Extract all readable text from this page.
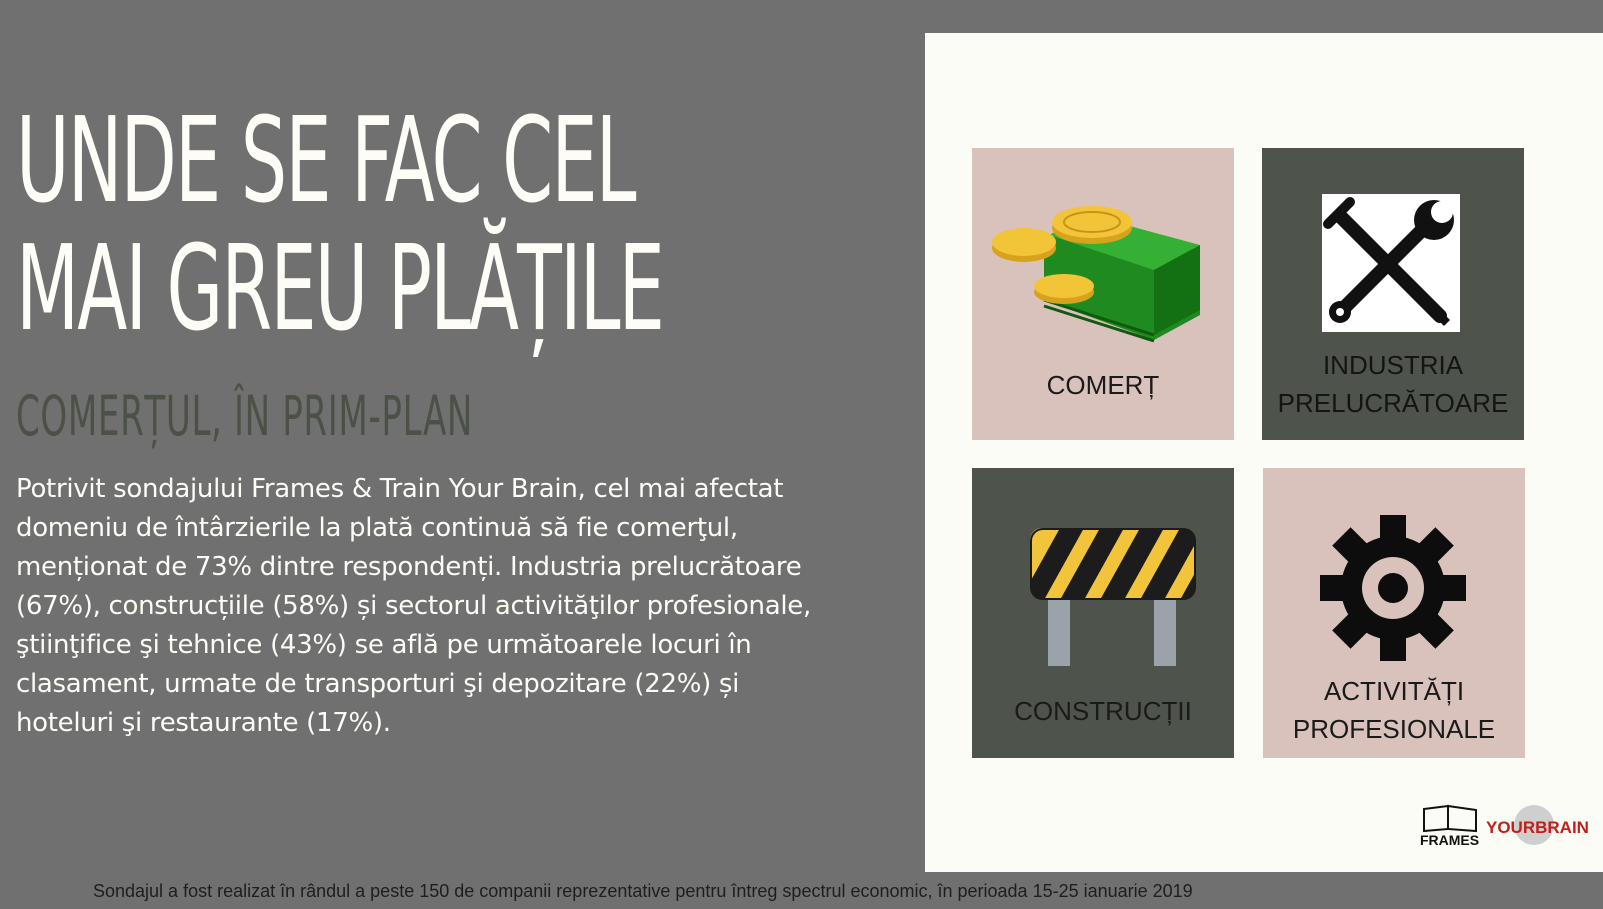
UNDE SE FAC CEL
MAI GREU PLĂȚILE
COMERȚUL, ÎN PRIM-PLAN

Potrivit sondajului Frames & Train Your Brain, cel mai afectat domeniu de întârzierile la plată continuă să fie comerţul, menționat de 73% dintre respondenți. Industria prelucrătoare (67%), construcțiile (58%) și sectorul activităţilor profesionale, ştiinţifice şi tehnice (43%) se află pe următoarele locuri în clasament, urmate de transporturi şi depozitare (22%) și hoteluri şi restaurante (17%).

COMERȚ
INDUSTRIA
PRELUCRĂTOARE
CONSTRUCȚII
ACTIVITĂȚI
PROFESIONALE
FRAMES
YOURBRAIN
Sondajul a fost realizat în rândul a peste 150 de companii reprezentative pentru întreg spectrul economic, în perioada 15-25 ianuarie 2019
